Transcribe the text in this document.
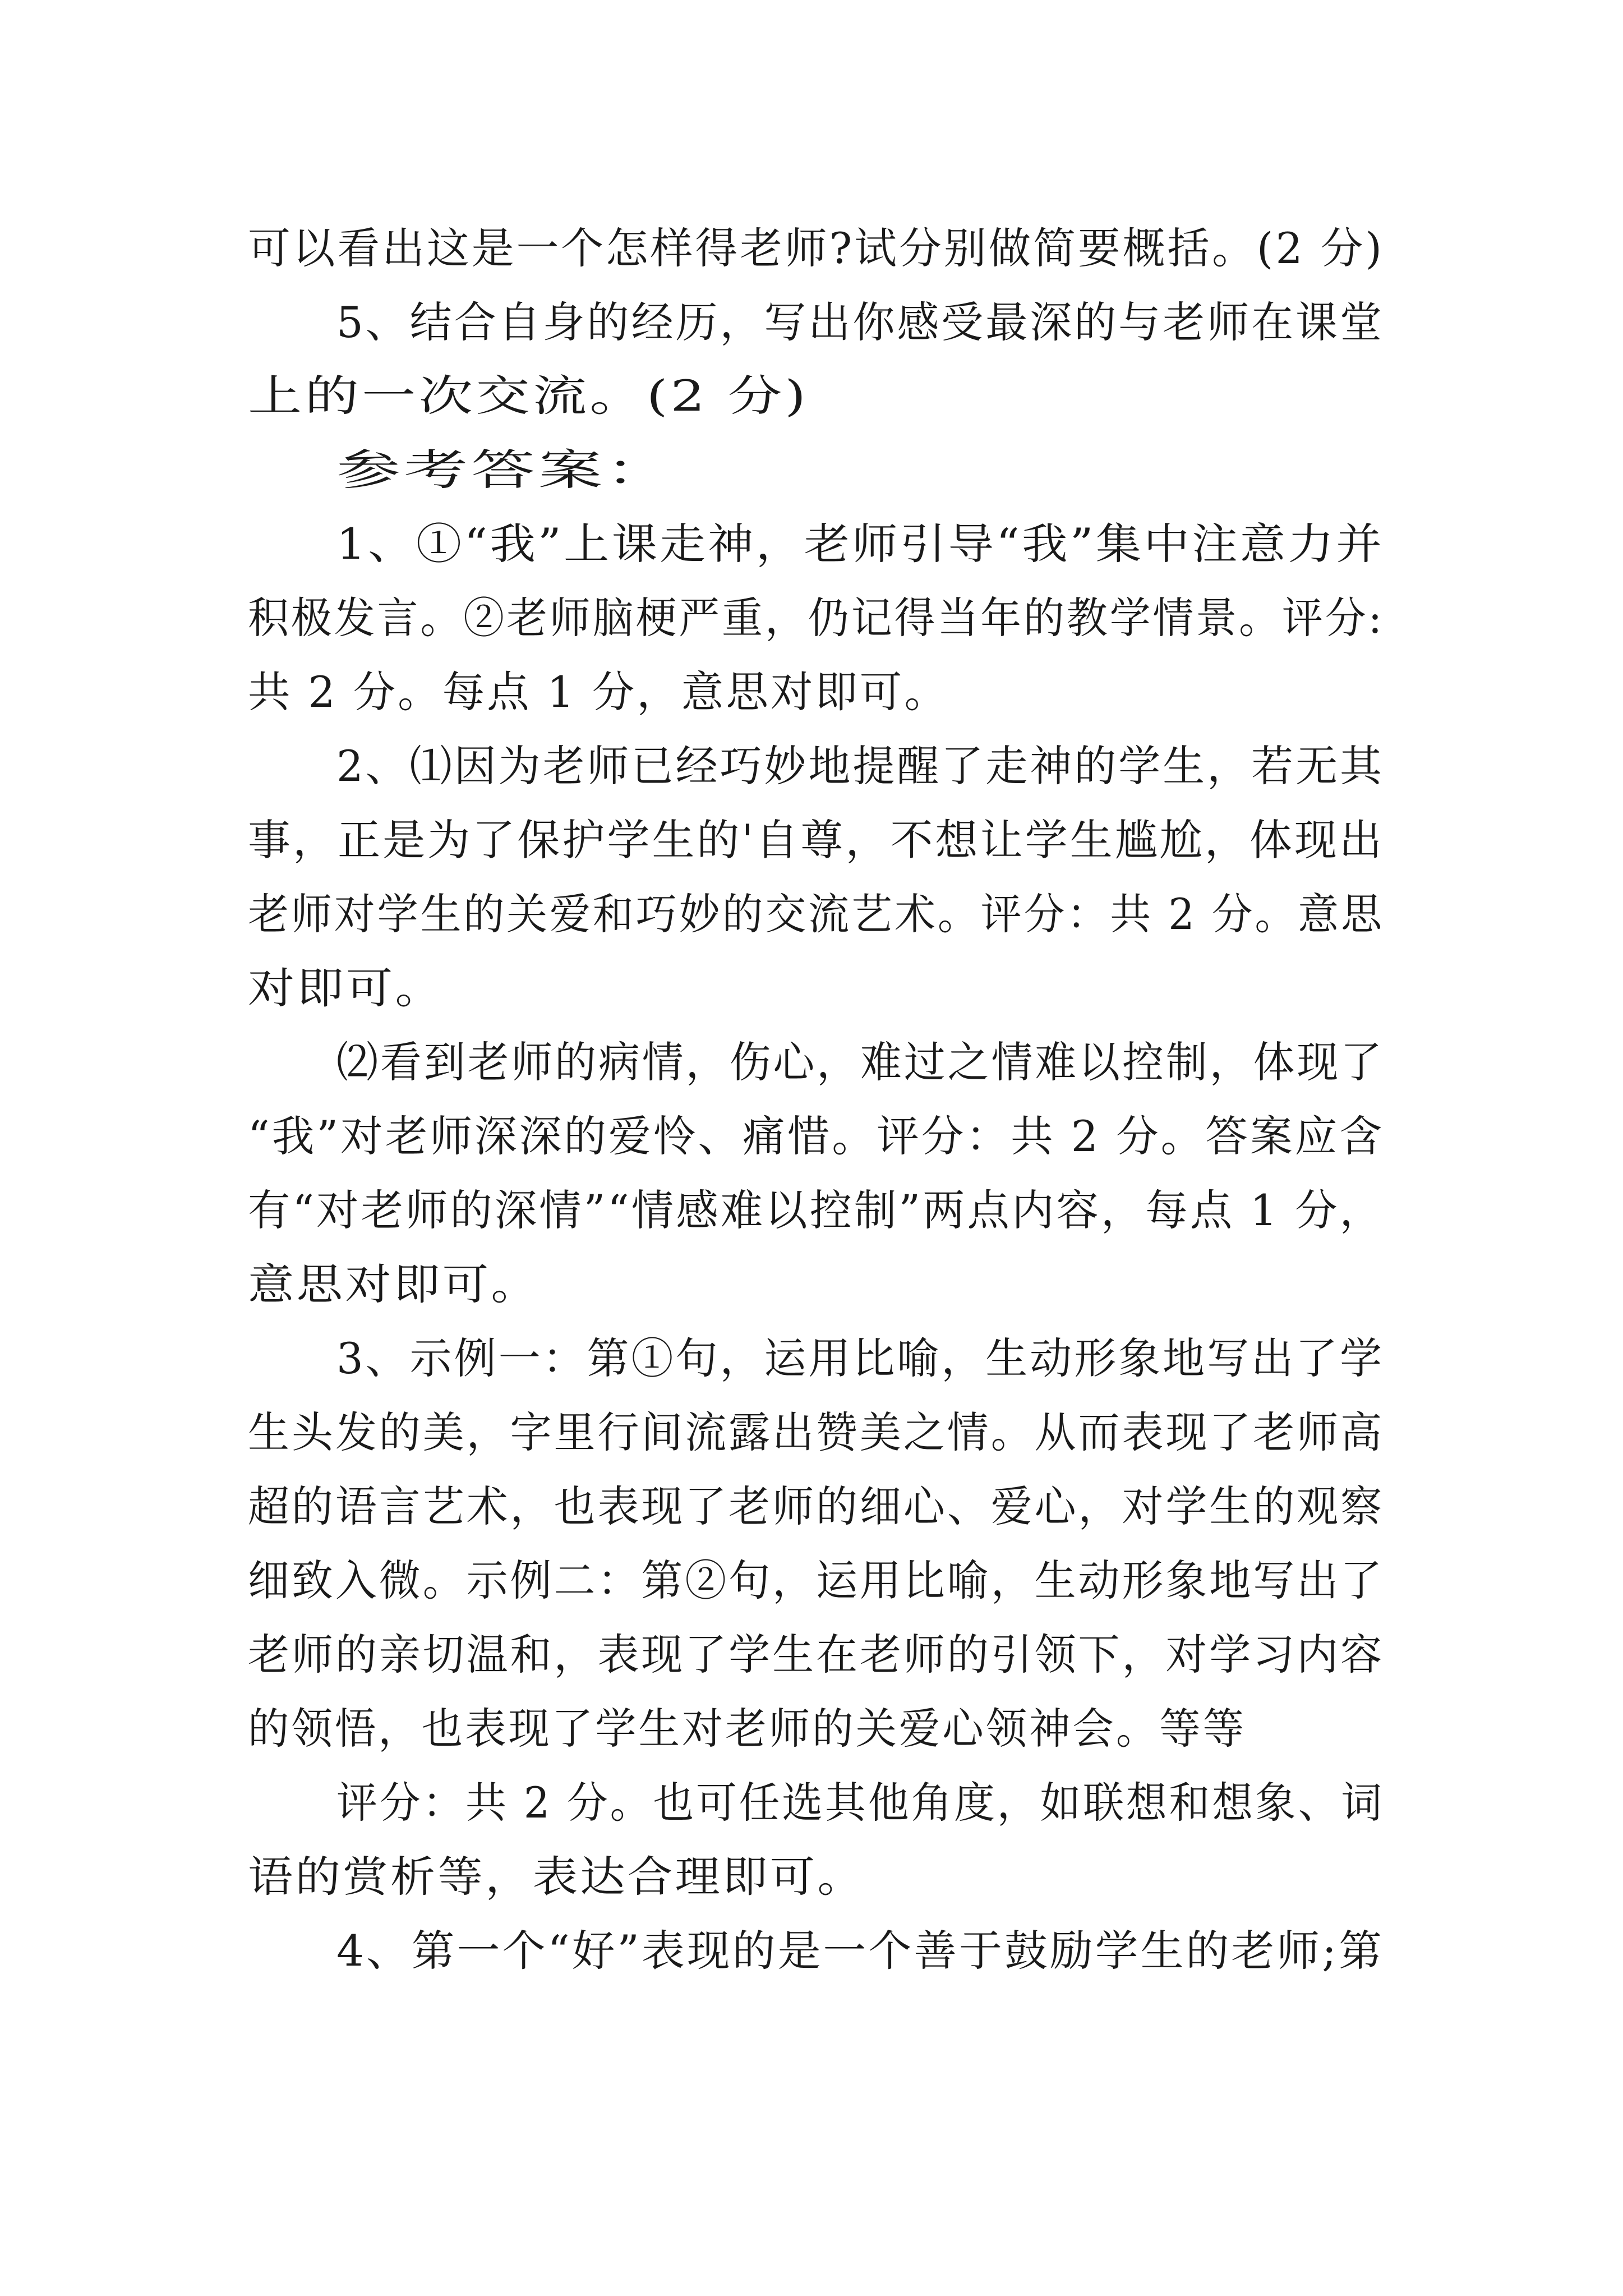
可以看出这是一个怎样得老师?试分别做简要概括。(2 分)
5、结合自身的经历，写出你感受最深的与老师在课堂
上的一次交流。(2 分)
参考答案：
1、①“我”上课走神，老师引导“我”集中注意力并
积极发言。②老师脑梗严重，仍记得当年的教学情景。评分:
共 2 分。每点 1 分，意思对即可。
2、⑴因为老师已经巧妙地提醒了走神的学生，若无其
事，正是为了保护学生的'自尊，不想让学生尴尬，体现出
老师对学生的关爱和巧妙的交流艺术。评分：共 2 分。意思
对即可。
⑵看到老师的病情，伤心，难过之情难以控制，体现了
“我”对老师深深的爱怜、痛惜。评分：共 2 分。答案应含
有“对老师的深情”“情感难以控制”两点内容，每点 1 分，
意思对即可。
3、示例一：第①句，运用比喻，生动形象地写出了学
生头发的美，字里行间流露出赞美之情。从而表现了老师高
超的语言艺术，也表现了老师的细心、爱心，对学生的观察
细致入微。示例二：第②句，运用比喻，生动形象地写出了
老师的亲切温和，表现了学生在老师的引领下，对学习内容
的领悟，也表现了学生对老师的关爱心领神会。等等
评分：共 2 分。也可任选其他角度，如联想和想象、词
语的赏析等，表达合理即可。
4、第一个“好”表现的是一个善于鼓励学生的老师;第
